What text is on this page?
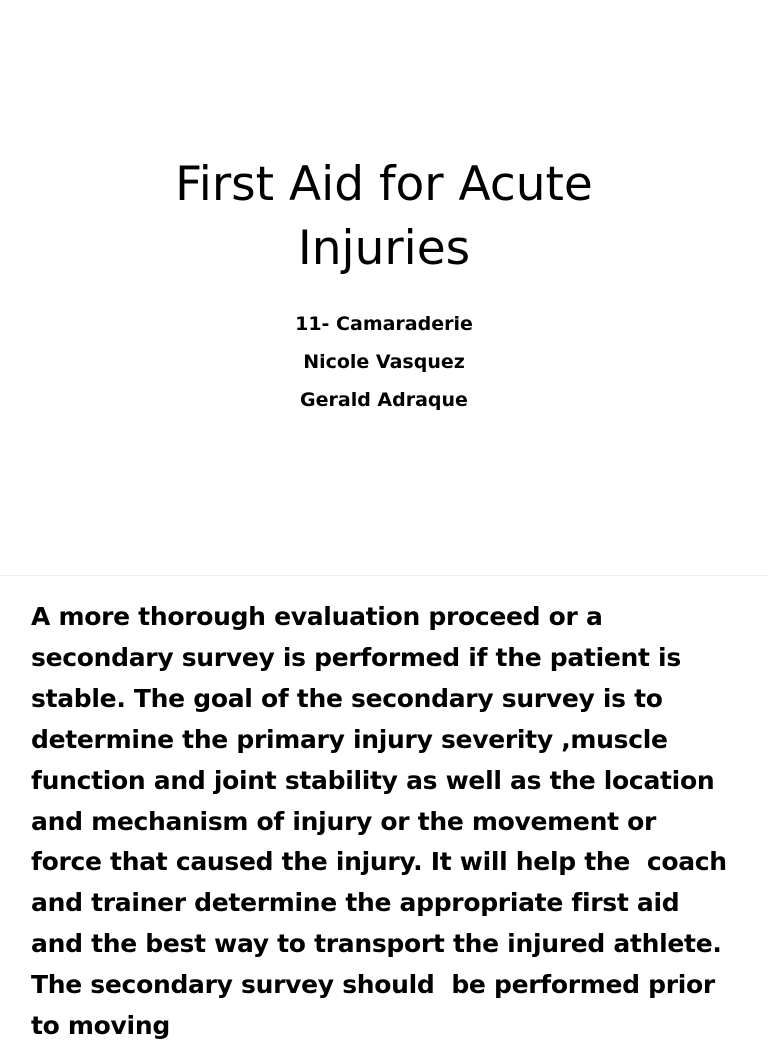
First Aid for Acute
Injuries
11- Camaraderie
Nicole Vasquez
Gerald Adraque

A more thorough evaluation proceed or a
secondary survey is performed if the patient is
stable. The goal of the secondary survey is to
determine the primary injury severity ,muscle
function and joint stability as well as the location
and mechanism of injury or the movement or
force that caused the injury. It will help the  coach
and trainer determine the appropriate first aid
and the best way to transport the injured athlete.
The secondary survey should  be performed prior
to moving
